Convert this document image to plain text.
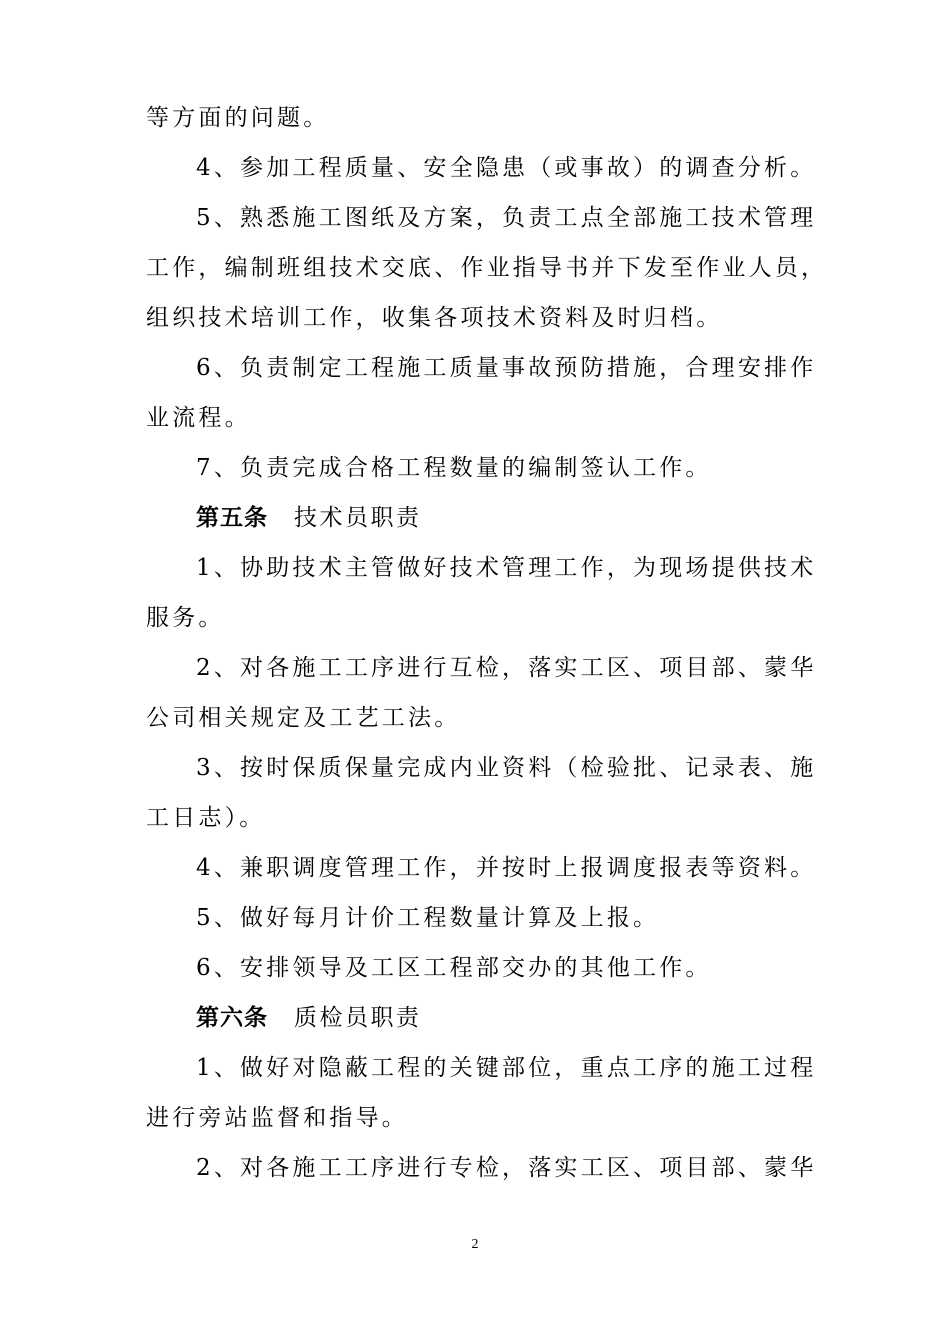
等方面的问题。

4、参加工程质量、安全隐患（或事故）的调查分析。

5、熟悉施工图纸及方案，负责工点全部施工技术管理

工作，编制班组技术交底、作业指导书并下发至作业人员，

组织技术培训工作，收集各项技术资料及时归档。

6、负责制定工程施工质量事故预防措施，合理安排作

业流程。

7、负责完成合格工程数量的编制签认工作。

第五条 技术员职责

1、协助技术主管做好技术管理工作，为现场提供技术

服务。

2、对各施工工序进行互检，落实工区、项目部、蒙华

公司相关规定及工艺工法。

3、按时保质保量完成内业资料（检验批、记录表、施

工日志）。

4、兼职调度管理工作，并按时上报调度报表等资料。

5、做好每月计价工程数量计算及上报。

6、安排领导及工区工程部交办的其他工作。

第六条 质检员职责

1、做好对隐蔽工程的关键部位，重点工序的施工过程

进行旁站监督和指导。

2、对各施工工序进行专检，落实工区、项目部、蒙华

2
